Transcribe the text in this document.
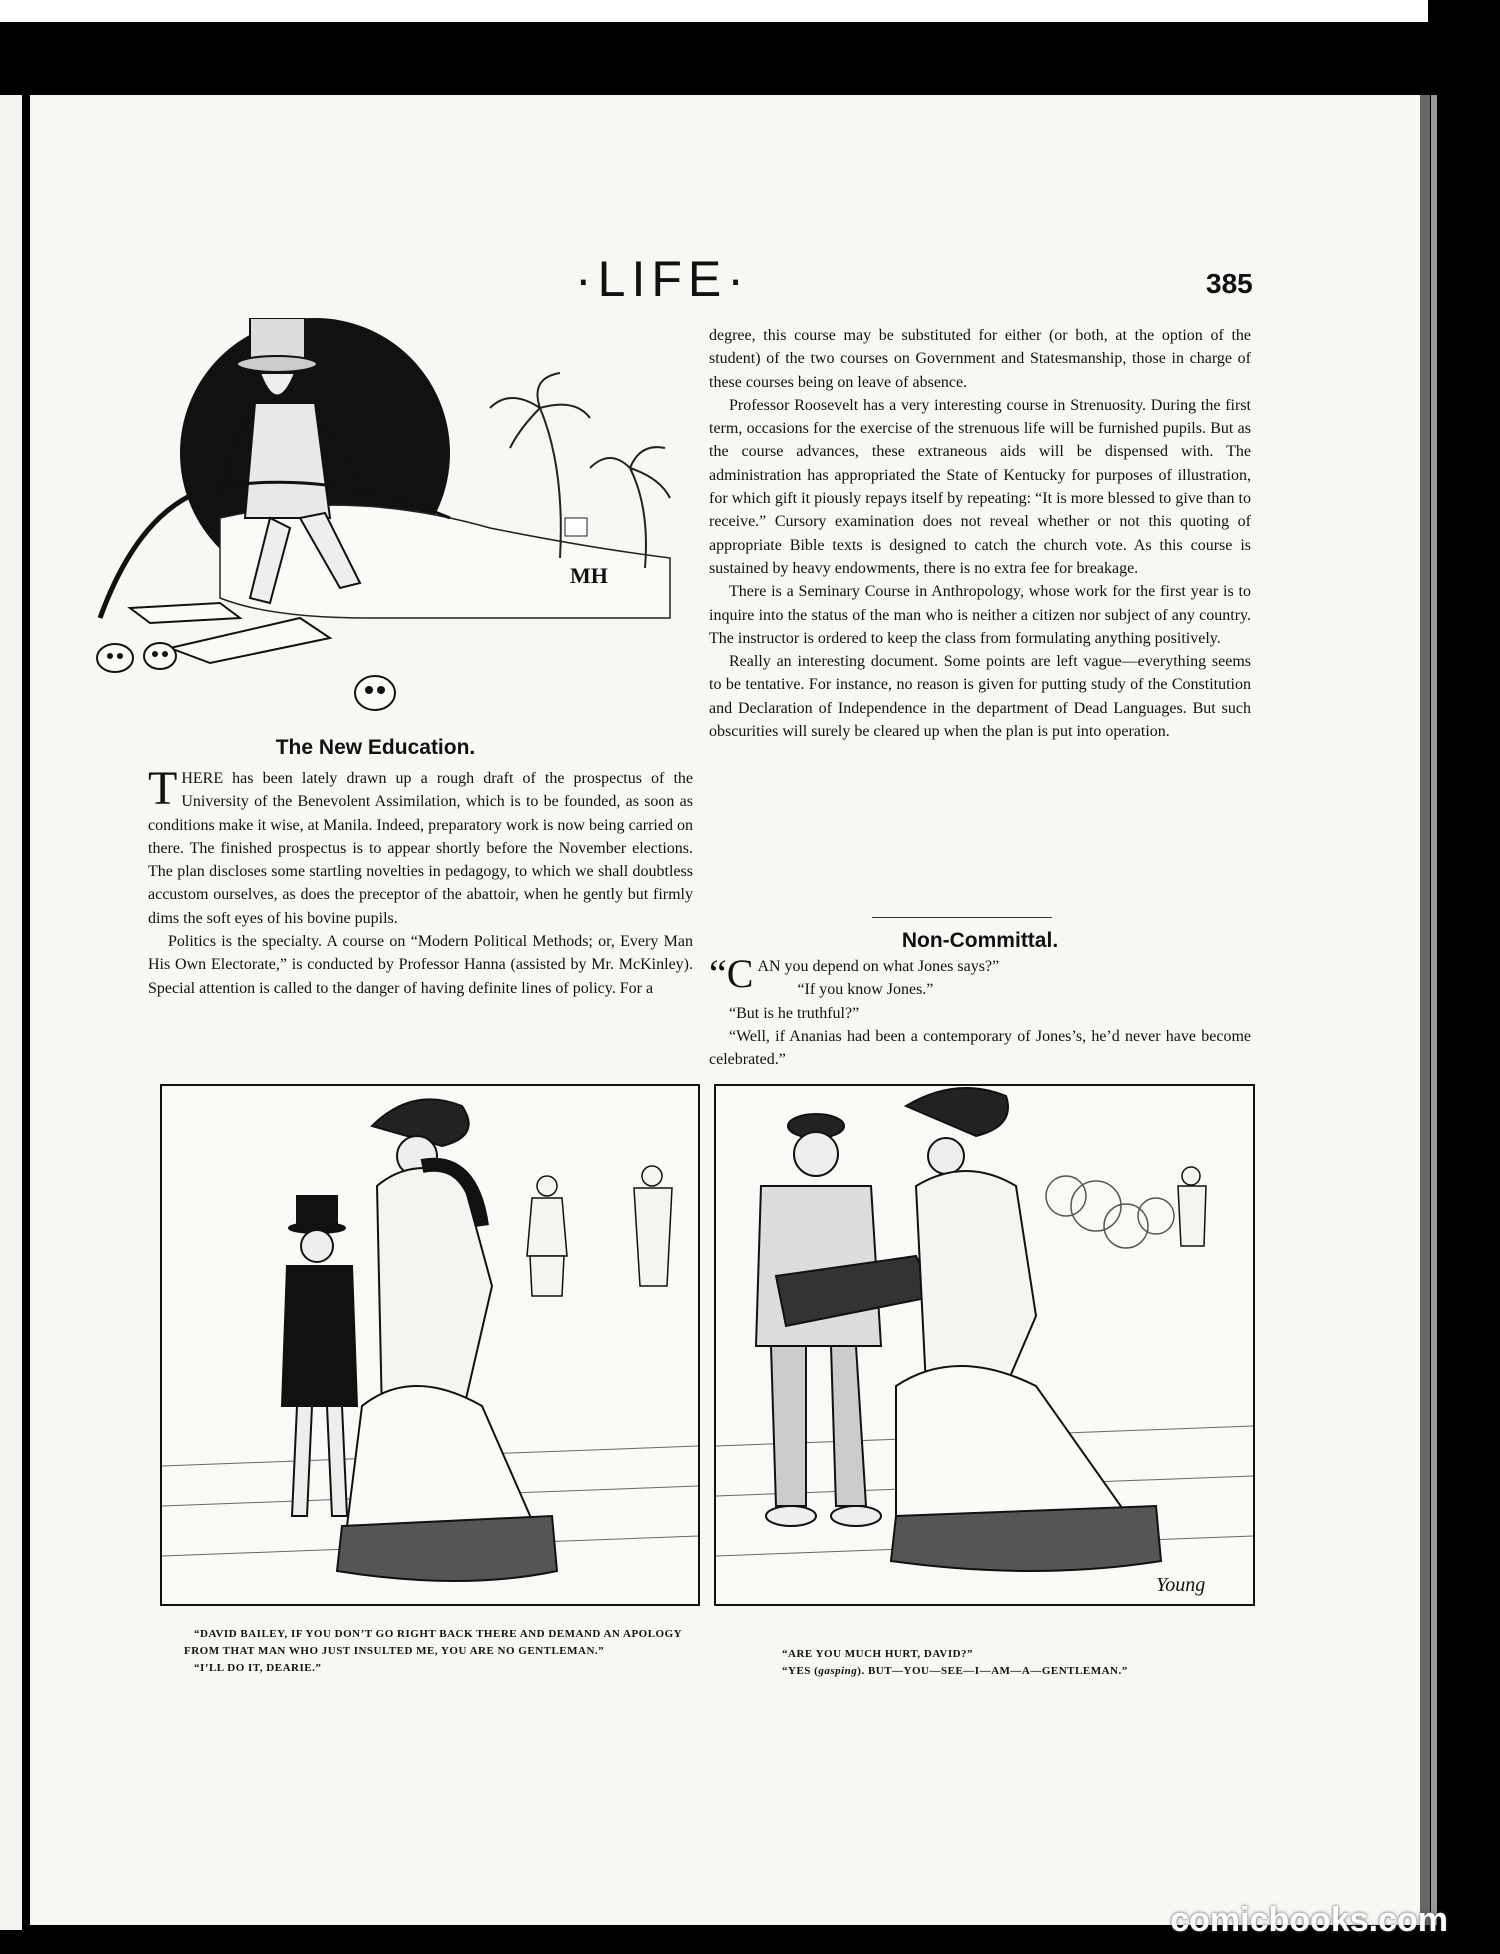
·LIFE·	385
MH
The New Education.

THERE has been lately drawn up a rough draft of the prospectus of the University of the Benevolent Assimilation, which is to be founded, as soon as conditions make it wise, at Manila. Indeed, preparatory work is now being carried on there. The finished prospectus is to appear shortly before the November elections. The plan discloses some startling novelties in pedagogy, to which we shall doubtless accustom ourselves, as does the preceptor of the abattoir, when he gently but firmly dims the soft eyes of his bovine pupils.

Politics is the specialty. A course on “Modern Political Methods; or, Every Man His Own Electorate,” is conducted by Professor Hanna (assisted by Mr. McKinley). Special attention is called to the danger of having definite lines of policy. For a

degree, this course may be substituted for either (or both, at the option of the student) of the two courses on Government and Statesmanship, those in charge of these courses being on leave of absence.

Professor Roosevelt has a very interesting course in Strenuosity. During the first term, occasions for the exercise of the strenuous life will be furnished pupils. But as the course advances, these extraneous aids will be dispensed with. The administration has appropriated the State of Kentucky for purposes of illustration, for which gift it piously repays itself by repeating: “It is more blessed to give than to receive.” Cursory examination does not reveal whether or not this quoting of appropriate Bible texts is designed to catch the church vote. As this course is sustained by heavy endowments, there is no extra fee for breakage.

There is a Seminary Course in Anthropology, whose work for the first year is to inquire into the status of the man who is neither a citizen nor subject of any country. The instructor is ordered to keep the class from formulating anything positively.

Really an interesting document. Some points are left vague—everything seems to be tentative. For instance, no reason is given for putting study of the Constitution and Declaration of Independence in the department of Dead Languages. But such obscurities will surely be cleared up when the plan is put into operation.

Non-Committal.

“CAN you depend on what Jones says?”

“If you know Jones.”

“But is he truthful?”

“Well, if Ananias had been a contemporary of Jones’s, he’d never have become celebrated.”

Young

“DAVID BAILEY, IF YOU DON’T GO RIGHT BACK THERE AND DEMAND AN APOLOGY FROM THAT MAN WHO JUST INSULTED ME, YOU ARE NO GENTLEMAN.”

“I’LL DO IT, DEARIE.”

“ARE YOU MUCH HURT, DAVID?”

“YES (gasping). BUT—YOU—SEE—I—AM—A—GENTLEMAN.”

comicbooks.com
